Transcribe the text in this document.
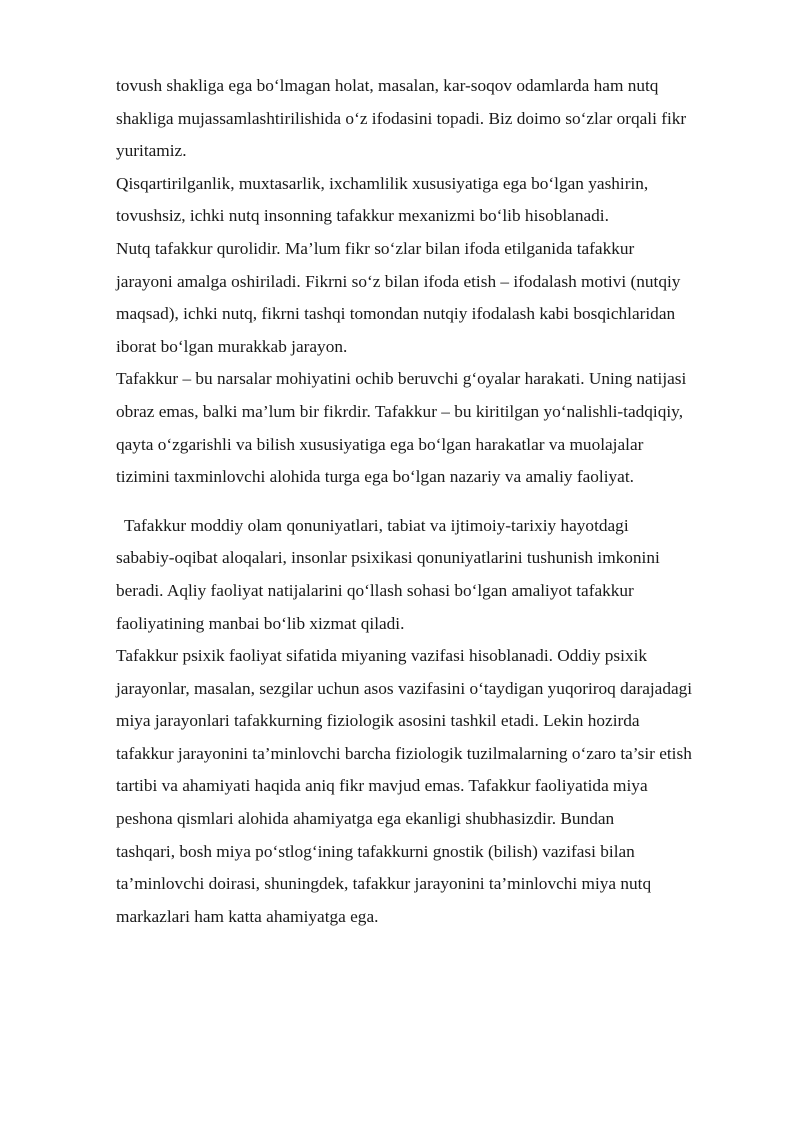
tovush shakliga ega bo‘lmagan holat, masalan, kar-soqov odamlarda ham nutq
shakliga mujassamlashtirilishida o‘z ifodasini topadi. Biz doimo so‘zlar orqali fikr
yuritamiz.
Qisqartirilganlik, muxtasarlik, ixchamlilik xususiyatiga ega bo‘lgan yashirin,
tovushsiz, ichki nutq insonning tafakkur mexanizmi bo‘lib hisoblanadi.
Nutq tafakkur qurolidir. Ma’lum fikr so‘zlar bilan ifoda etilganida tafakkur
jarayoni amalga oshiriladi. Fikrni so‘z bilan ifoda etish – ifodalash motivi (nutqiy
maqsad), ichki nutq, fikrni tashqi tomondan nutqiy ifodalash kabi bosqichlaridan
iborat bo‘lgan murakkab jarayon.
Tafakkur – bu narsalar mohiyatini ochib beruvchi g‘oyalar harakati. Uning natijasi
obraz emas, balki ma’lum bir fikrdir. Tafakkur – bu kiritilgan yo‘nalishli-tadqiqiy,
qayta o‘zgarishli va bilish xususiyatiga ega bo‘lgan harakatlar va muolajalar
tizimini taxminlovchi alohida turga ega bo‘lgan nazariy va amaliy faoliyat.
Tafakkur moddiy olam qonuniyatlari, tabiat va ijtimoiy-tarixiy hayotdagi
sababiy-oqibat aloqalari, insonlar psixikasi qonuniyatlarini tushunish imkonini
beradi. Aqliy faoliyat natijalarini qo‘llash sohasi bo‘lgan amaliyot tafakkur
faoliyatining manbai bo‘lib xizmat qiladi.
Tafakkur psixik faoliyat sifatida miyaning vazifasi hisoblanadi. Oddiy psixik
jarayonlar, masalan, sezgilar uchun asos vazifasini o‘taydigan yuqoriroq darajadagi
miya jarayonlari tafakkurning fiziologik asosini tashkil etadi. Lekin hozirda
tafakkur jarayonini ta’minlovchi barcha fiziologik tuzilmalarning o‘zaro ta’sir etish
tartibi va ahamiyati haqida aniq fikr mavjud emas. Tafakkur faoliyatida miya
peshona qismlari alohida ahamiyatga ega ekanligi shubhasizdir. Bundan
tashqari, bosh miya po‘stlog‘ining tafakkurni gnostik (bilish) vazifasi bilan
ta’minlovchi doirasi, shuningdek, tafakkur jarayonini ta’minlovchi miya nutq
markazlari ham katta ahamiyatga ega.
